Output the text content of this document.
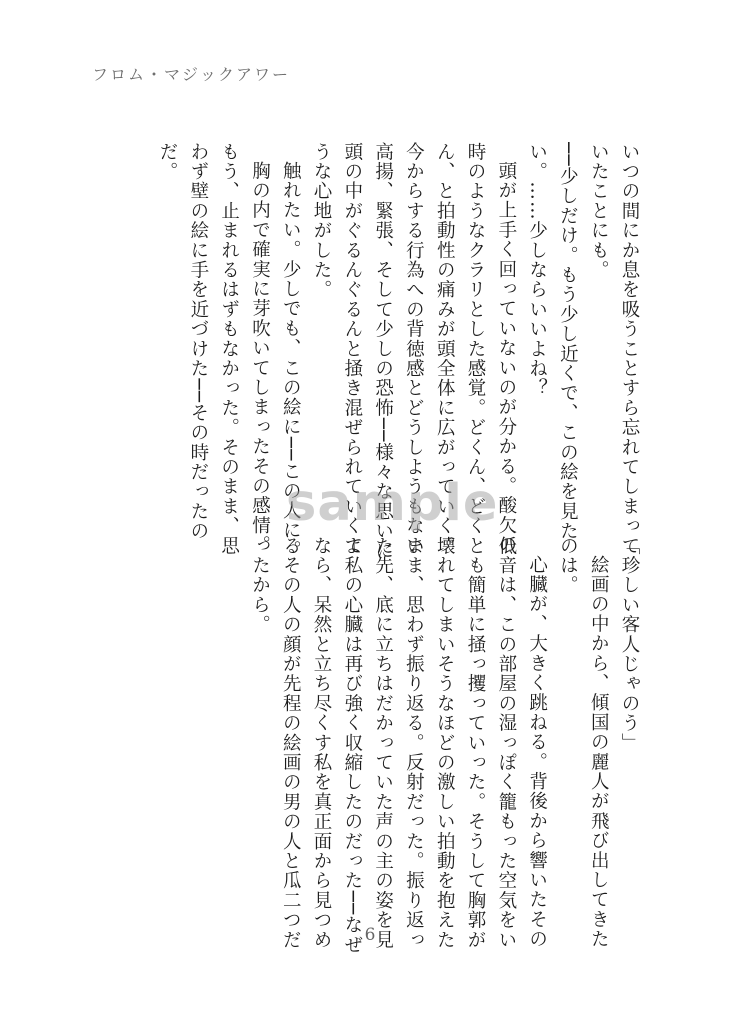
フロム・マジックアワー

いつの間にか息を吸うことすら忘れてしまっていたことにも。

──少しだけ。もう少し近くで、この絵を見たい。……少しならいいよね？

頭が上手く回っていないのが分かる。酸欠の時のようなクラリとした感覚。どくん、どくん、と拍動性の痛みが頭全体に広がっていく。今からする行為への背徳感とどうしようもない高揚、緊張、そして少しの恐怖──様々な思いに頭の中がぐるんぐるんと掻き混ぜられていくような心地がした。

触れたい。少しでも、この絵に──この人に。

胸の内で確実に芽吹いてしまったその感情。もう、止まれるはずもなかった。そのまま、思わず壁の絵に手を近づけた──その時だったのだ。

「珍しい客人じゃのう」

絵画の中から、傾国の麗人が飛び出してきたのは。

心臓が、大きく跳ねる。背後から響いたその低音は、この部屋の湿っぽく籠もった空気をいとも簡単に掻っ攫っていった。そうして胸郭が壊れてしまいそうなほどの激しい拍動を抱えたまま、思わず振り返る。反射だった。振り返った先、底に立ちはだかっていた声の主の姿を見て私の心臓は再び強く収縮したのだった──なぜなら、呆然と立ち尽くす私を真正面から見つめるその人の顔が先程の絵画の男の人と瓜二つだったから。

sample
6
